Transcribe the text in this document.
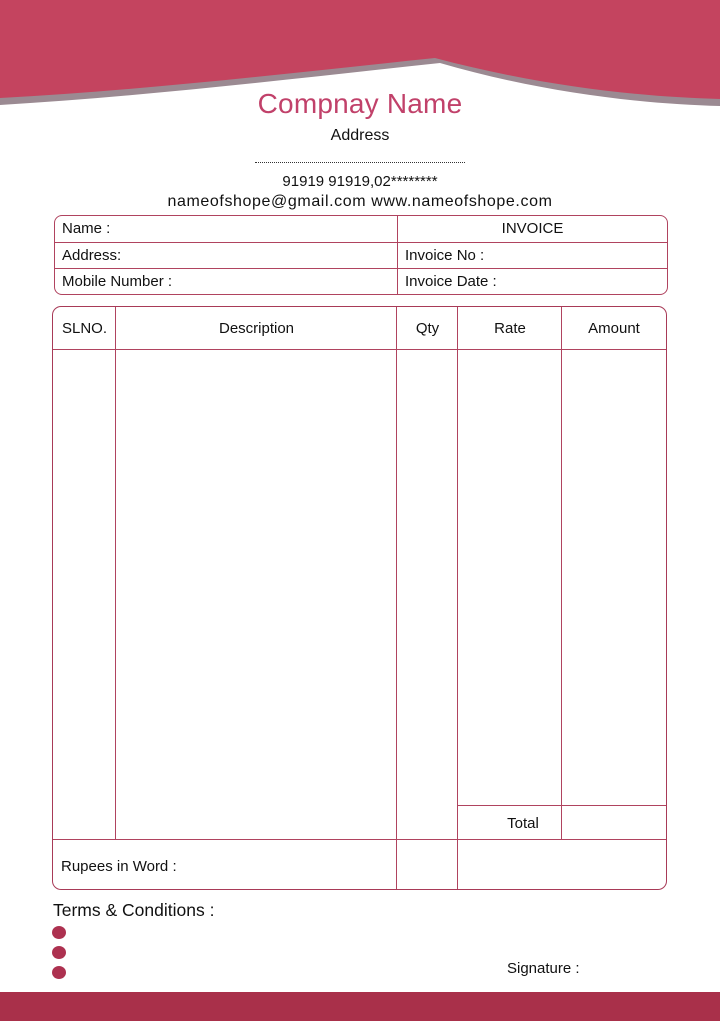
Compnay Name
Address
91919 91919,02********
nameofshope@gmail.com www.nameofshope.com
Name :	INVOICE
Address:	Invoice No :
Mobile Number :	Invoice Date :
SLNO.	Description	Qty	Rate	Amount
Total
Rupees in Word :
Terms & Conditions :
Signature :
